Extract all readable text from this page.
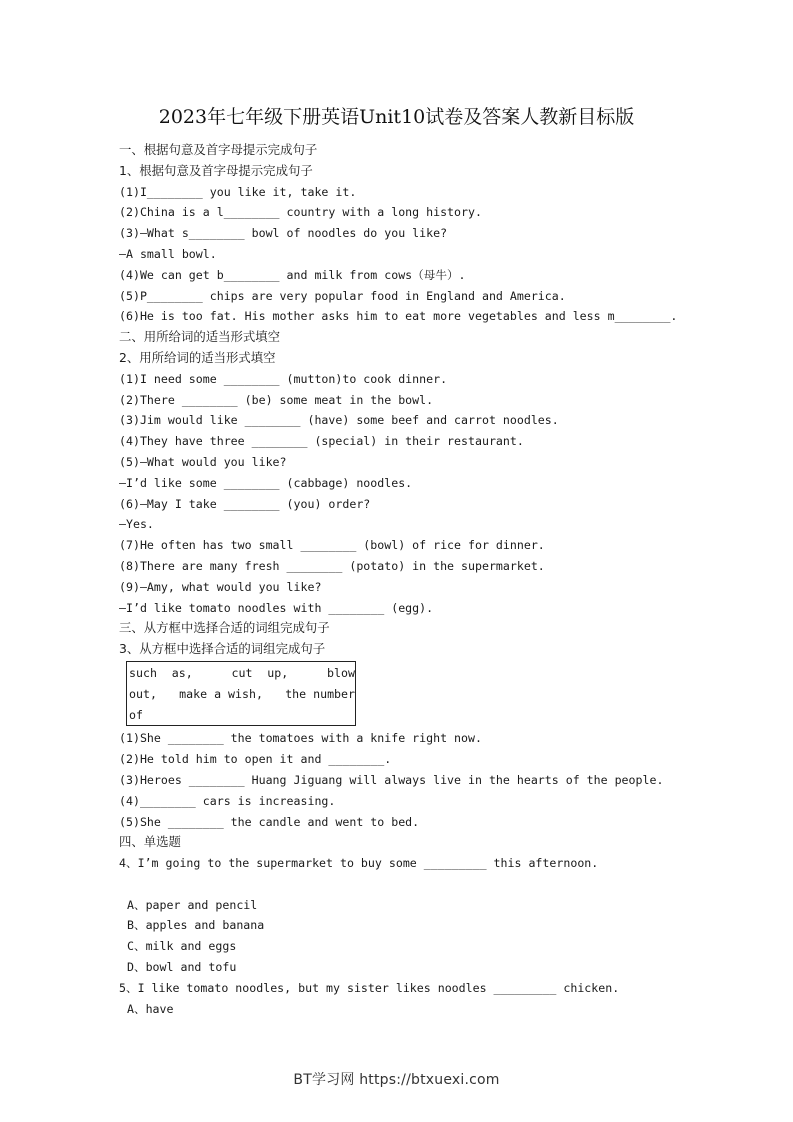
2023年七年级下册英语Unit10试卷及答案人教新目标版
一、根据句意及首字母提示完成句子
1、根据句意及首字母提示完成句子
(1)I________ you like it, take it.
(2)China is a l________ country with a long history.
(3)—What s________ bowl of noodles do you like?
—A small bowl.
(4)We can get b________ and milk from cows（母牛）.
(5)P________ chips are very popular food in England and America.
(6)He is too fat. His mother asks him to eat more vegetables and less m________.
二、用所给词的适当形式填空
2、用所给词的适当形式填空
(1)I need some ________ (mutton)to cook dinner.
(2)There ________ (be) some meat in the bowl.
(3)Jim would like ________ (have) some beef and carrot noodles.
(4)They have three ________ (special) in their restaurant.
(5)—What would you like?
—I’d like some ________ (cabbage) noodles.
(6)—May I take ________ (you) order?
—Yes.
(7)He often has two small ________ (bowl) of rice for dinner.
(8)There are many fresh ________ (potato) in the supermarket.
(9)—Amy, what would you like?
—I’d like tomato noodles with ________ (egg).
三、从方框中选择合适的词组完成句子
3、从方框中选择合适的词组完成句子
such as,	cut up,	blow
out, make a wish, the number
of
(1)She ________ the tomatoes with a knife right now.
(2)He told him to open it and ________.
(3)Heroes ________ Huang Jiguang will always live in the hearts of the people.
(4)________ cars is increasing.
(5)She ________ the candle and went to bed.
四、单选题
4、I’m going to the supermarket to buy some _________ this afternoon.
A、paper and pencil
B、apples and banana
C、milk and eggs
D、bowl and tofu
5、I like tomato noodles, but my sister likes noodles _________ chicken.
A、have
BT学习网 https://btxuexi.com
